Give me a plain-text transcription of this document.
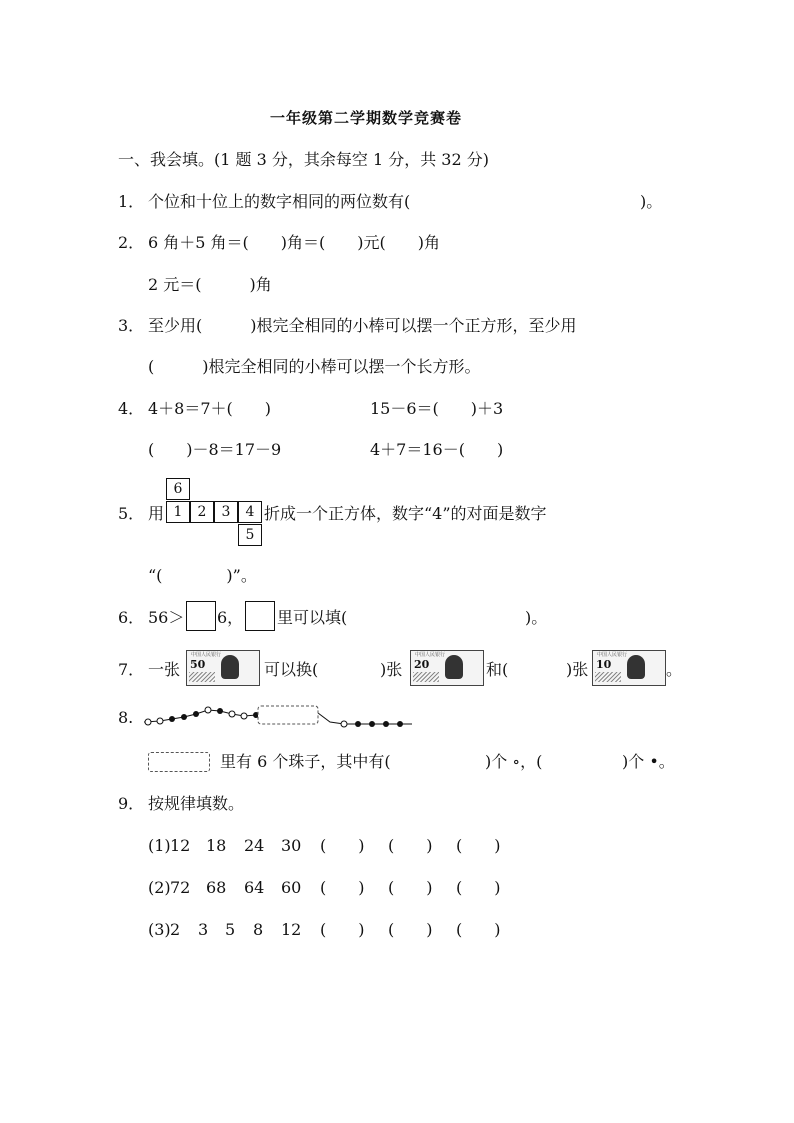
一年级第二学期数学竞赛卷
一、我会填。(1 题 3 分，其余每空 1 分，共 32 分)
1． 个位和十位上的数字相同的两位数有(	)。
2． 6 角＋5 角＝(　　)角＝(　　)元(　　)角
2 元＝(　　　)角
3． 至少用(　　　)根完全相同的小棒可以摆一个正方形，至少用
(　　　)根完全相同的小棒可以摆一个长方形。
4． 4＋8＝7＋(　　)	15－6＝(　　)＋3
(　　)－8＝17－9	4＋7＝16－(　　)
5． 用
6
1	2	3	4
5
折成一个正方体，数字“4”的对面是数字
“(　　　　)”。
6． 56＞ 6， 里可以填(	)。
7． 一张
中国人民银行
50	可以换(	)张
中国人民银行
20	和(	)张
中国人民银行
10	。
8.
里有 6 个珠子，其中有(	)个 ∘，(	)个 •。
9． 按规律填数。
(1) 12 18 24 30 (　　) (　　) (　　)
(2) 72 68 64 60 (　　) (　　) (　　)
(3) 2 3 5 8 12 (　　) (　　) (　　)
